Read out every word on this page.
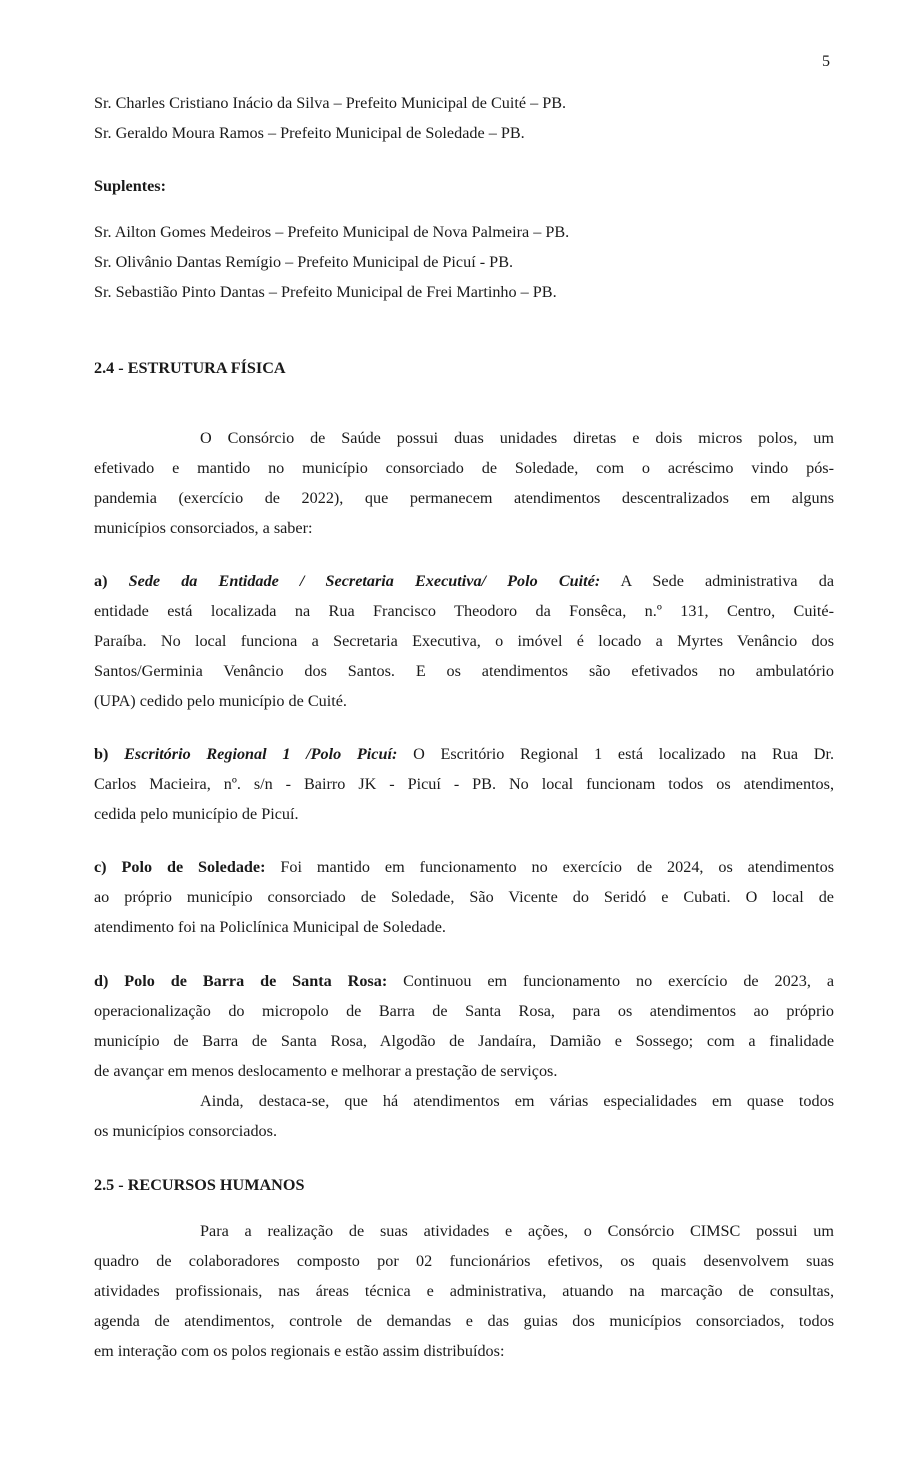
5
Sr. Charles Cristiano Inácio da Silva – Prefeito Municipal de Cuité – PB.
Sr. Geraldo Moura Ramos – Prefeito Municipal de Soledade – PB.
Suplentes:
Sr. Ailton Gomes Medeiros – Prefeito Municipal de Nova Palmeira – PB.
Sr. Olivânio Dantas Remígio – Prefeito Municipal de Picuí - PB.
Sr. Sebastião Pinto Dantas – Prefeito Municipal de Frei Martinho – PB.
2.4 - ESTRUTURA FÍSICA
O Consórcio de Saúde possui duas unidades diretas e dois micros polos, um
efetivado e mantido no município consorciado de Soledade, com o acréscimo vindo pós-
pandemia (exercício de 2022), que permanecem atendimentos descentralizados em alguns
municípios consorciados, a saber:
a) Sede da Entidade / Secretaria Executiva/ Polo Cuité: A Sede administrativa da
entidade está localizada na Rua Francisco Theodoro da Fonsêca, n.º 131, Centro, Cuité-
Paraíba. No local funciona a Secretaria Executiva, o imóvel é locado a Myrtes Venâncio dos
Santos/Germinia Venâncio dos Santos. E os atendimentos são efetivados no ambulatório
(UPA) cedido pelo município de Cuité.
b) Escritório Regional 1 /Polo Picuí: O Escritório Regional 1 está localizado na Rua Dr.
Carlos Macieira, nº. s/n - Bairro JK - Picuí - PB. No local funcionam todos os atendimentos,
cedida pelo município de Picuí.
c) Polo de Soledade: Foi mantido em funcionamento no exercício de 2024, os atendimentos
ao próprio município consorciado de Soledade, São Vicente do Seridó e Cubati. O local de
atendimento foi na Policlínica Municipal de Soledade.
d) Polo de Barra de Santa Rosa: Continuou em funcionamento no exercício de 2023, a
operacionalização do micropolo de Barra de Santa Rosa, para os atendimentos ao próprio
município de Barra de Santa Rosa, Algodão de Jandaíra, Damião e Sossego; com a finalidade
de avançar em menos deslocamento e melhorar a prestação de serviços.
Ainda, destaca-se, que há atendimentos em várias especialidades em quase todos
os municípios consorciados.
2.5 - RECURSOS HUMANOS
Para a realização de suas atividades e ações, o Consórcio CIMSC possui um
quadro de colaboradores composto por 02 funcionários efetivos, os quais desenvolvem suas
atividades profissionais, nas áreas técnica e administrativa, atuando na marcação de consultas,
agenda de atendimentos, controle de demandas e das guias dos municípios consorciados, todos
em interação com os polos regionais e estão assim distribuídos:
